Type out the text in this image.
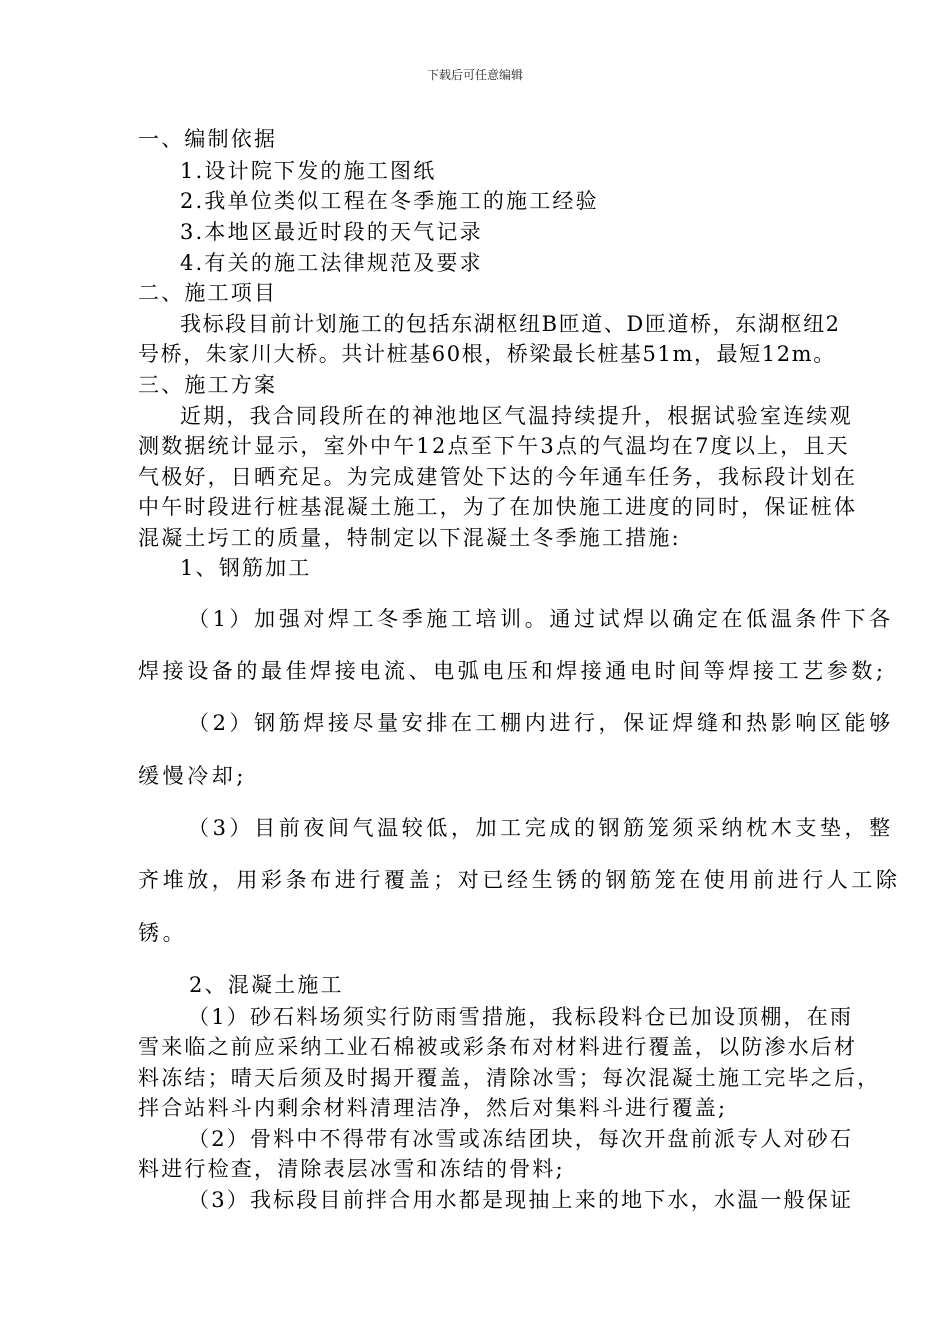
下载后可任意编辑
一、编制依据
1.设计院下发的施工图纸
2.我单位类似工程在冬季施工的施工经验
3.本地区最近时段的天气记录
4.有关的施工法律规范及要求
二、施工项目
我标段目前计划施工的包括东湖枢纽B匝道、D匝道桥，东湖枢纽2
号桥，朱家川大桥。共计桩基60根，桥梁最长桩基51m，最短12m。
三、施工方案
近期，我合同段所在的神池地区气温持续提升，根据试验室连续观
测数据统计显示，室外中午12点至下午3点的气温均在7度以上，且天
气极好，日晒充足。为完成建管处下达的今年通车任务，我标段计划在
中午时段进行桩基混凝土施工，为了在加快施工进度的同时，保证桩体
混凝土圬工的质量，特制定以下混凝土冬季施工措施:
1、钢筋加工
（1）加强对焊工冬季施工培训。通过试焊以确定在低温条件下各
焊接设备的最佳焊接电流、电弧电压和焊接通电时间等焊接工艺参数;
（2）钢筋焊接尽量安排在工棚内进行，保证焊缝和热影响区能够
缓慢冷却;
（3）目前夜间气温较低，加工完成的钢筋笼须采纳枕木支垫，整
齐堆放，用彩条布进行覆盖；对已经生锈的钢筋笼在使用前进行人工除
锈。
2、混凝土施工
（1）砂石料场须实行防雨雪措施，我标段料仓已加设顶棚，在雨
雪来临之前应采纳工业石棉被或彩条布对材料进行覆盖，以防渗水后材
料冻结；晴天后须及时揭开覆盖，清除冰雪；每次混凝土施工完毕之后，
拌合站料斗内剩余材料清理洁净，然后对集料斗进行覆盖;
（2）骨料中不得带有冰雪或冻结团块，每次开盘前派专人对砂石
料进行检查，清除表层冰雪和冻结的骨料;
（3）我标段目前拌合用水都是现抽上来的地下水，水温一般保证
